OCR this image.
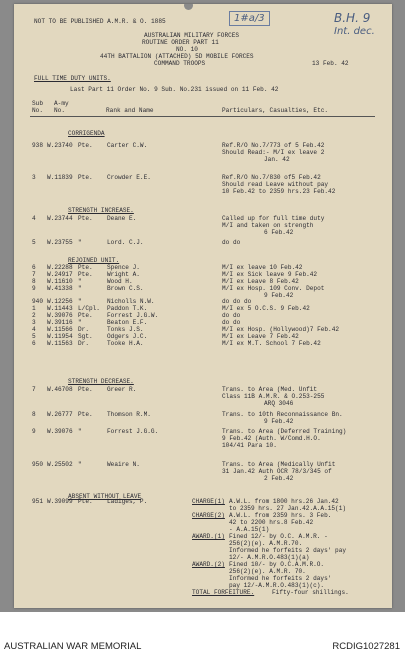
NOT TO BE PUBLISHED A.M.R. & O. 1885	1#a/3	B.H. 9
Int. dec.
AUSTRALIAN MILITARY FORCES
ROUTINE ORDER PART 11
NO. 10
44TH BATTALION (ATTACHED) 5D MOBILE FORCES
COMMAND TROOPS	13 Feb. 42
FULL TIME DUTY UNITS.
Last Part 11 Order No. 9 Sub. No.231 issued on 11 Feb. 42
Sub
No.
A-my
No.	Rank and Name	Particulars, Casualties, Etc.
CORRIGENDA
STRENGTH INCREASE.
REJOINED UNIT.
STRENGTH DECREASE.
ABSENT WITHOUT LEAVE
938 W.23740 Pte. Carter C.W.	Ref.R/O No.7/773 of 5 Feb.42
Should Read:- M/I ex leave 2
Jan. 42
3 W.11839 Pte. Crowder E.E.	Ref.R/O No.7/830 of5 Feb.42
Should read Leave without pay
10 Feb.42 to 2359 hrs.23 Feb.42
4 W.23744 Pte. Deane E.	Called up for full time duty
M/I and taken on strength
6 Feb.42
5 W.23755 "	Lord. C.J.	do do
6 W.22288 Pte. Spence J.	M/I ex leave 10 Feb.42
7 W.24917 Pte. Wright A.	M/I ex Sick leave 9 Feb.42
8 W.11610 "	Wood H.	M/I ex Leave 8 Feb.42
9 W.41338 "	Brown C.S.	M/I ex Hosp. 109 Conv. Depot
9 Feb.42
940 W.12256 "	Nicholls N.W.	do do do
1 W.11443 L/Cpl. Paddon T.K.	M/I ex 5 O.C.S. 9 Feb.42
2 W.39076 Pte. Forrest J.G.W.	do do
3 W.39116 "	Beaton E.F.	do do
4 W.11566 Dr.	Tonks J.S.	M/I ex Hosp. (Hollywood)7 Feb.42
5 W.11954 Sgt. Odgers J.C.	M/I ex Leave 7 Feb.42
6 W.11563 Dr.	Tooke H.A.	M/I ex M.T. School 7 Feb.42
7 W.46708 Pte. Greer R.	Trans. to Area (Med. Unfit
Class 11B A.M.R. & O.253-255
ARQ 3046
8 W.26777 Pte. Thomson R.M.	Trans. to 10th Reconnaissance Bn.
9 Feb.42
9 W.39076 "	Forrest J.G.G.	Trans. to Area (Deferred Training)
9 Feb.42 (Auth. W/Comd.H.O.
104/41 Para 10.
950 W.25502 "	Weaire N.	Trans. to Area (Medically Unfit
31 Jan.42 Auth OCR 78/3/345 of
2 Feb.42
951 W.39099 Pte. Ladiges, P.	CHARGE(1) A.W.L. from 1800 hrs.26 Jan.42
to 2359 hrs. 27 Jan.42.A.A.15(1)
CHARGE(2) A.W.L. from 2359 hrs. 3 Feb.
42 to 2200 hrs.8 Feb.42
- A.A.15(1)
AWARD.(1) Fined 12/- by O.C. A.M.R. -
256(2)(e). A.M.R.70.
Informed he forfeits 2 days' pay
12/- A.M.R.O.483(1)(a)
AWARD.(2) Fined 10/- by O.C.A.M.R.O.
256(2)(e). A.M.R. 70.
Informed he forfeits 2 days'
pay 12/-A.M.R.O.483(1)(c).
TOTAL FORFEITURE.	Fifty-four shillings.
AUSTRALIAN WAR MEMORIAL	RCDIG1027281
